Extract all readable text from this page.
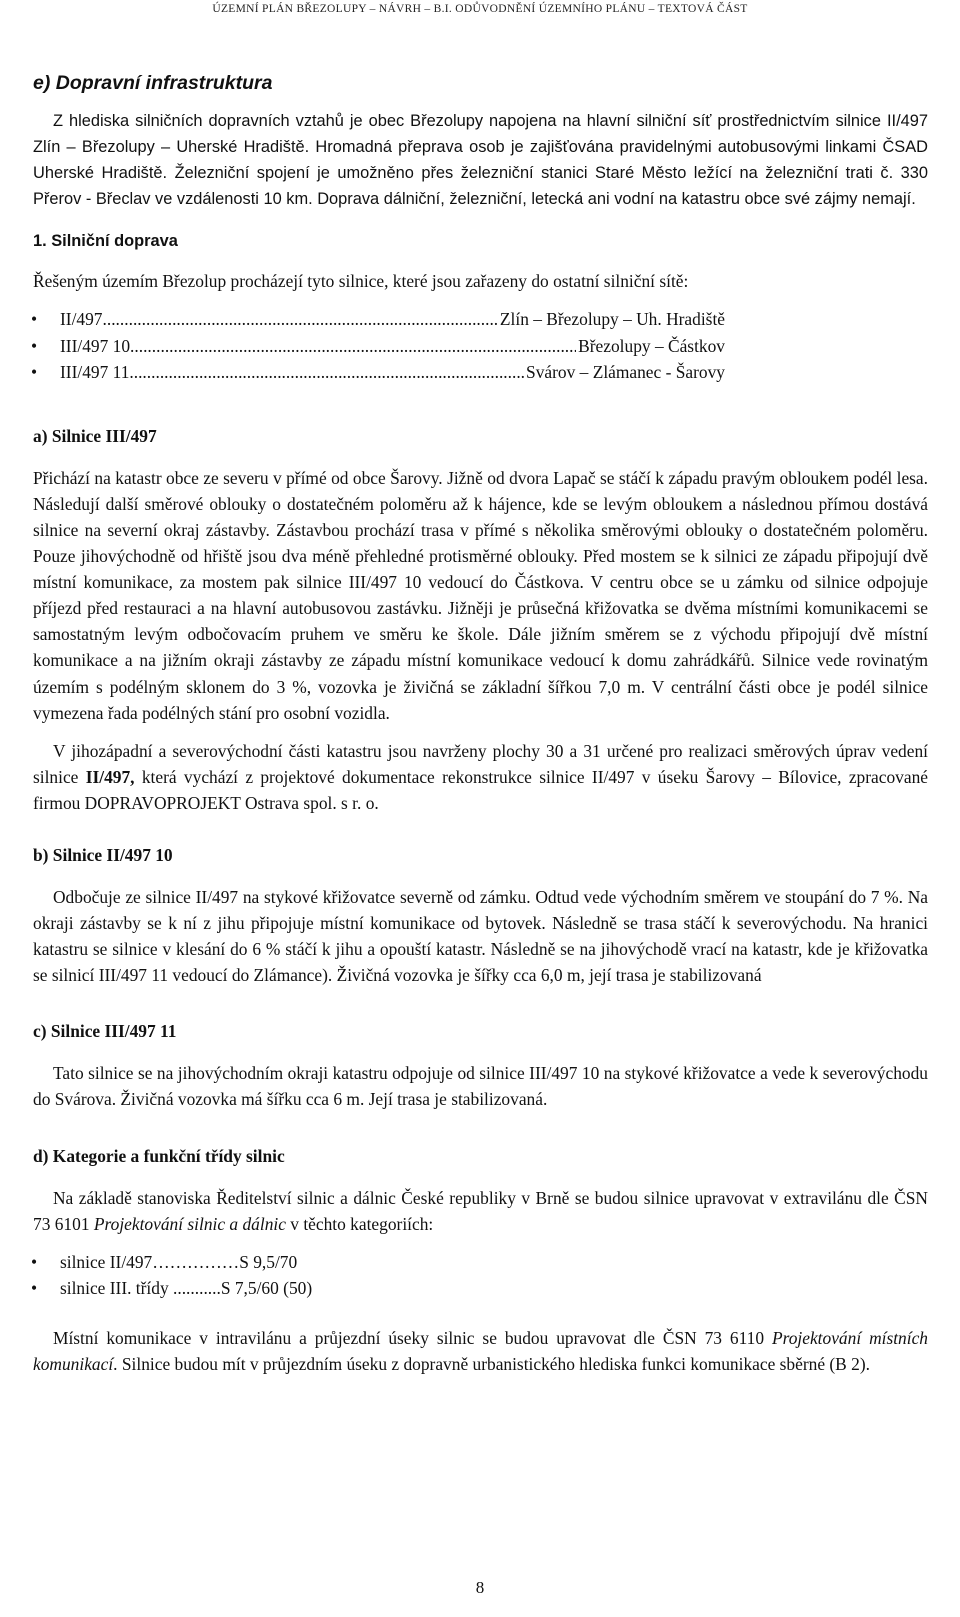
ÚZEMNÍ PLÁN BŘEZOLUPY – NÁVRH – B.I. ODŮVODNĚNÍ ÚZEMNÍHO PLÁNU – TEXTOVÁ ČÁST
e) Dopravní infrastruktura

Z hlediska silničních dopravních vztahů je obec Březolupy napojena na hlavní silniční síť prostřednictvím silnice II/497 Zlín – Březolupy – Uherské Hradiště. Hromadná přeprava osob je zajišťována pravidelnými autobusovými linkami ČSAD Uherské Hradiště. Železniční spojení je umožněno přes železniční stanici Staré Město ležící na železniční trati č. 330 Přerov - Břeclav ve vzdálenosti 10 km. Doprava dálniční, železniční, letecká ani vodní na katastru obce své zájmy nemají.

1. Silniční doprava

Řešeným územím Březolup procházejí tyto silnice, které jsou zařazeny do ostatní silniční sítě:

• II/497 .....	Zlín – Březolupy – Uh. Hradiště
• III/497 10 .....	Březolupy – Částkov
• III/497 11 .....	Svárov – Zlámanec - Šarovy
a) Silnice III/497

Přichází na katastr obce ze severu v přímé od obce Šarovy. Jižně od dvora Lapač se stáčí k západu pravým obloukem podél lesa. Následují další směrové oblouky o dostatečném poloměru až k hájence, kde se levým obloukem a následnou přímou dostává silnice na severní okraj zástavby. Zástavbou prochází trasa v přímé s několika směrovými oblouky o dostatečném poloměru. Pouze jihovýchodně od hřiště jsou dva méně přehledné protisměrné oblouky. Před mostem se k silnici ze západu připojují dvě místní komunikace, za mostem pak silnice III/497 10 vedoucí do Částkova. V centru obce se u zámku od silnice odpojuje příjezd před restauraci a na hlavní autobusovou zastávku. Jižněji je průsečná křižovatka se dvěma místními komunikacemi se samostatným levým odbočovacím pruhem ve směru ke škole. Dále jižním směrem se z východu připojují dvě místní komunikace a na jižním okraji zástavby ze západu místní komunikace vedoucí k domu zahrádkářů. Silnice vede rovinatým územím s podélným sklonem do 3 %, vozovka je živičná se základní šířkou 7,0 m. V centrální části obce je podél silnice vymezena řada podélných stání pro osobní vozidla.

V jihozápadní a severovýchodní části katastru jsou navrženy plochy 30 a 31 určené pro realizaci směrových úprav vedení silnice II/497, která vychází z projektové dokumentace rekonstrukce silnice II/497 v úseku Šarovy – Bílovice, zpracované firmou DOPRAVOPROJEKT Ostrava spol. s r. o.

b) Silnice II/497 10

Odbočuje ze silnice II/497 na stykové křižovatce severně od zámku. Odtud vede východním směrem ve stoupání do 7 %. Na okraji zástavby se k ní z jihu připojuje místní komunikace od bytovek. Následně se trasa stáčí k severovýchodu. Na hranici katastru se silnice v klesání do 6 % stáčí k jihu a opouští katastr. Následně se na jihovýchodě vrací na katastr, kde je křižovatka se silnicí III/497 11 vedoucí do Zlámance). Živičná vozovka je šířky cca 6,0 m, její trasa je stabilizovaná

c) Silnice III/497 11

Tato silnice se na jihovýchodním okraji katastru odpojuje od silnice III/497 10 na stykové křižovatce a vede k severovýchodu do Svárova. Živičná vozovka má šířku cca 6 m. Její trasa je stabilizovaná.

d) Kategorie a funkční třídy silnic

Na základě stanoviska Ředitelství silnic a dálnic České republiky v Brně se budou silnice upravovat v extravilánu dle ČSN 73 6101 Projektování silnic a dálnic v těchto kategoriích:

• silnice II/497……………S 9,5/70
• silnice III. třídy ...........S 7,5/60 (50)

Místní komunikace v intravilánu a průjezdní úseky silnic se budou upravovat dle ČSN 73 6110 Projektování místních komunikací. Silnice budou mít v průjezdním úseku z dopravně urbanistického hlediska funkci komunikace sběrné (B 2).

8
